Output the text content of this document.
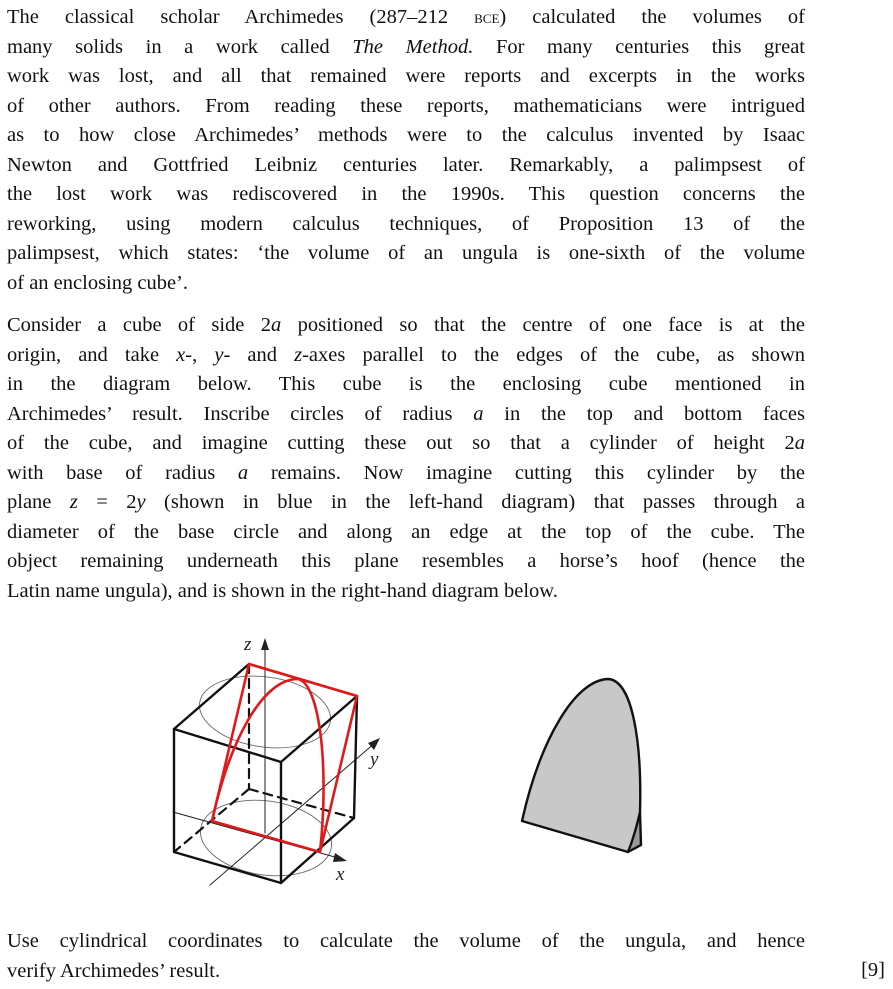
The classical scholar Archimedes (287–212 bce) calculated the volumes of
many solids in a work called The Method. For many centuries this great
work was lost, and all that remained were reports and excerpts in the works
of other authors. From reading these reports, mathematicians were intrigued
as to how close Archimedes’ methods were to the calculus invented by Isaac
Newton and Gottfried Leibniz centuries later. Remarkably, a palimpsest of
the lost work was rediscovered in the 1990s. This question concerns the
reworking, using modern calculus techniques, of Proposition 13 of the
palimpsest, which states: ‘the volume of an ungula is one-sixth of the volume
of an enclosing cube’.
Consider a cube of side 2a positioned so that the centre of one face is at the
origin, and take x-, y- and z-axes parallel to the edges of the cube, as shown
in the diagram below. This cube is the enclosing cube mentioned in
Archimedes’ result. Inscribe circles of radius a in the top and bottom faces
of the cube, and imagine cutting these out so that a cylinder of height 2a
with base of radius a remains. Now imagine cutting this cylinder by the
plane z = 2y (shown in blue in the left-hand diagram) that passes through a
diameter of the base circle and along an edge at the top of the cube. The
object remaining underneath this plane resembles a horse’s hoof (hence the
Latin name ungula), and is shown in the right-hand diagram below.
Use cylindrical coordinates to calculate the volume of the ungula, and hence
verify Archimedes’ result.	[9]
z
y
x
